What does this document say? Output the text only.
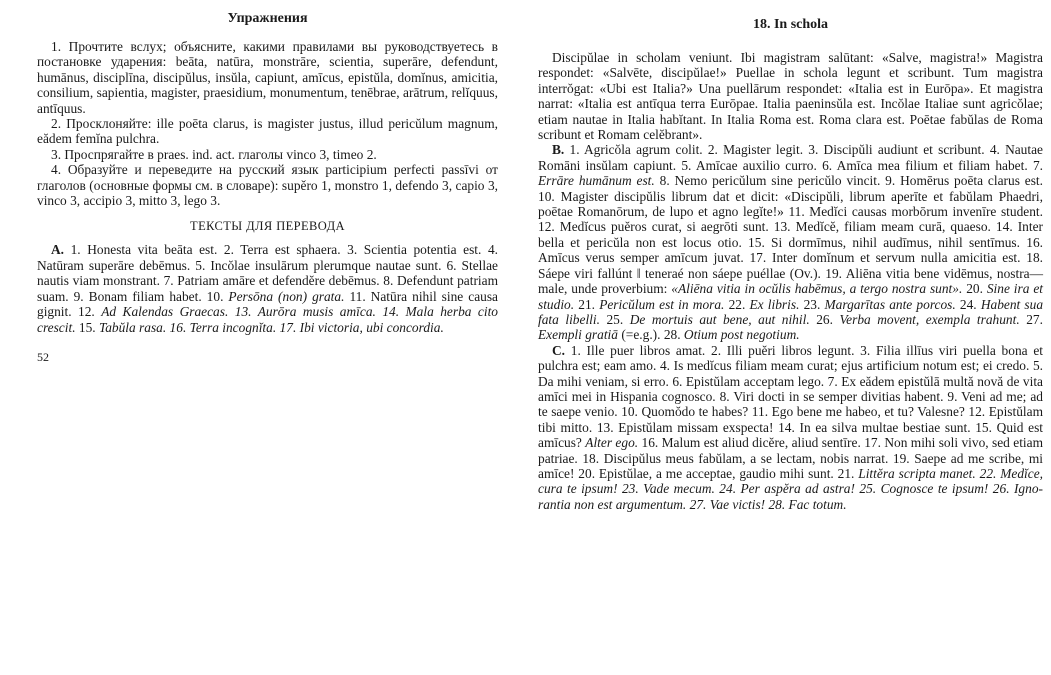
Упражнения

1. Прочтите вслух; объясните, какими правилами вы руководствуетесь в постановке ударения: beāta, natūra, monstrāre, scientia, superāre, defendunt, humānus, disciplīna, discipŭlus, insŭla, capiunt, amīcus, epistŭla, domĭnus, amicitia, consilium, sapientia, magister, praesidium, monumentum, tenēbrae, arātrum, relĭquus, antīquus.

2. Просклоняйте: ille poēta clarus, is magister justus, illud pericŭlum magnum, eădem femĭna pulchra.

3. Проспрягайте в praes. ind. act. глаголы vinco 3, timeo 2.

4. Образуйте и переведите на русский язык participium perfecti passīvi от глаголов (основные формы см. в словаре): supěro 1, monstro 1, defendo 3, capio 3, vinco 3, accipio 3, mitto 3, lego 3.

ТЕКСТЫ ДЛЯ ПЕРЕВОДА

A. 1. Honesta vita beāta est. 2. Terra est sphaera. 3. Scientia potentia est. 4. Natūram superāre debēmus. 5. Incŏlae insulārum plerumque nautae sunt. 6. Stellae nautis viam monstrant. 7. Patriam amāre et defendĕre debēmus. 8. Defendunt patriam suam. 9. Bonam filiam habet. 10. Persōna (non) grata. 11. Natūra nihil sine causa gignit. 12. Ad Kalendas Graecas. 13. Aurōra musis amīca. 14. Mala herba cito crescit. 15. Tabŭla rasa. 16. Terra incognĭta. 17. Ibi victoria, ubi concordia.

52
18. In schola

Discipŭlae in scholam veniunt. Ibi magistram salūtant: «Salve, magistra!» Magistra respondet: «Salvēte, discipŭlae!» Puellae in schola legunt et scribunt. Tum magistra interrŏgat: «Ubi est Italia?» Una puellārum respondet: «Italia est in Eurōpa». Et magistra narrat: «Italia est antīqua terra Eurōpae. Italia paeninsŭla est. Incŏlae Italiae sunt agricŏlae; etiam nautae in Italia habĭtant. In Italia Roma est. Roma clara est. Poētae fabŭlas de Roma scribunt et Romam celĕbrant».

B. 1. Agricŏla agrum colit. 2. Magister legit. 3. Discipŭli audiunt et scribunt. 4. Nautae Romāni insŭlam capiunt. 5. Amīcae auxilio curro. 6. Amīca mea filium et filiam habet. 7. Errāre humānum est. 8. Nemo pericŭlum sine pericŭlo vincit. 9. Homērus poēta clarus est. 10. Magister discipŭlis librum dat et dicit: «Discipŭli, librum aperīte et fabŭlam Phaedri, poētae Romanōrum, de lupo et agno legĭte!» 11. Medĭci causas morbōrum invenīre student. 12. Medĭcus puĕros curat, si aegrōti sunt. 13. Medĭcĕ, filiam meam curā, quaeso. 14. Inter bella et pericŭla non est locus otio. 15. Si dormīmus, nihil audīmus, nihil sentīmus. 16. Amīcus verus semper amīcum juvat. 17. Inter domĭnum et servum nulla amicitia est. 18. Sáepe viri fallúnt ‖ teneraé non sáepe puéllae (Ov.). 19. Aliēna vitia bene vidēmus, nostra—male, unde proverbium: «Aliēna vitia in ocŭlis habēmus, a tergo nostra sunt». 20. Sine ira et studio. 21. Pericŭlum est in mora. 22. Ex libris. 23. Margarītas ante porcos. 24. Habent sua fata libelli. 25. De mortuis aut bene, aut nihil. 26. Verba movent, exempla trahunt. 27. Exempli gratiā (=e.g.). 28. Otium post negotium.

C. 1. Ille puer libros amat. 2. Illi puĕri libros legunt. 3. Filia illīus viri puella bona et pulchra est; eam amo. 4. Is medĭcus filiam meam curat; ejus artificium notum est; ei credo. 5. Da mihi veniam, si erro. 6. Epistŭlam acceptam lego. 7. Ex eădem epistŭlā multă novă de vita amīci mei in Hispania cognosco. 8. Viri docti in se semper divitias habent. 9. Veni ad me; ad te saepe venio. 10. Quomŏdo te habes? 11. Ego bene me habeo, et tu? Valesne? 12. Epistŭlam tibi mitto. 13. Epistŭlam missam exspecta! 14. In ea silva multae bestiae sunt. 15. Quid est amīcus? Alter ego. 16. Malum est aliud dicĕre, aliud sentīre. 17. Non mihi soli vivo, sed etiam patriae. 18. Discipŭlus meus fabŭlam, a se lectam, nobis narrat. 19. Saepe ad me scribe, mi amīce! 20. Epistŭlae, a me acceptae, gaudio mihi sunt. 21. Littĕra scripta manet. 22. Medĭce, cura te ipsum! 23. Vade mecum. 24. Per aspĕra ad astra! 25. Cognosce te ipsum! 26. Ignorantia non est argumentum. 27. Vae victis! 28. Fac totum.
